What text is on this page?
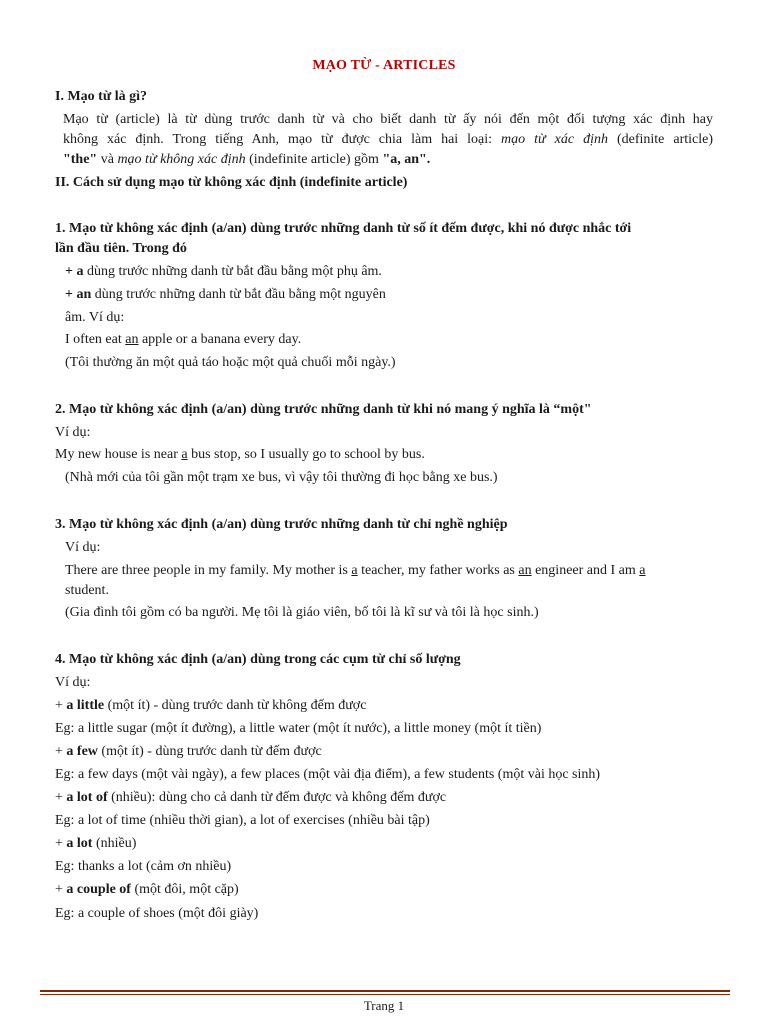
MẠO TỪ - ARTICLES
I. Mạo từ là gì?
Mạo từ (article) là từ dùng trước danh từ và cho biết danh từ ấy nói đến một đối tượng xác định hay
không xác định. Trong tiếng Anh, mạo từ được chia làm hai loại: mạo từ xác định (definite article)
"the" và mạo từ không xác định (indefinite article) gồm "a, an".
II. Cách sử dụng mạo từ không xác định (indefinite article)
1. Mạo từ không xác định (a/an) dùng trước những danh từ số ít đếm được, khi nó được nhắc tới
lần đầu tiên. Trong đó
+ a dùng trước những danh từ bắt đầu bằng một phụ âm.
+ an dùng trước những danh từ bắt đầu bằng một nguyên
âm. Ví dụ:
I often eat an apple or a banana every day.
(Tôi thường ăn một quả táo hoặc một quả chuối mỗi ngày.)
2. Mạo từ không xác định (a/an) dùng trước những danh từ khi nó mang ý nghĩa là “một"
Ví dụ:
My new house is near a bus stop, so I usually go to school by bus.
(Nhà mới của tôi gần một trạm xe bus, vì vậy tôi thường đi học bằng xe bus.)
3. Mạo từ không xác định (a/an) dùng trước những danh từ chỉ nghề nghiệp
Ví dụ:
There are three people in my family. My mother is a teacher, my father works as an engineer and I am a
student.
(Gia đình tôi gồm có ba người. Mẹ tôi là giáo viên, bố tôi là kĩ sư và tôi là học sinh.)
4. Mạo từ không xác định (a/an) dùng trong các cụm từ chỉ số lượng
Ví dụ:
+ a little (một ít) - dùng trước danh từ không đếm được
Eg: a little sugar (một ít đường), a little water (một ít nước), a little money (một ít tiền)
+ a few (một ít) - dùng trước danh từ đếm được
Eg: a few days (một vài ngày), a few places (một vài địa điểm), a few students (một vài học sinh)
+ a lot of (nhiều): dùng cho cả danh từ đếm được và không đếm được
Eg: a lot of time (nhiều thời gian), a lot of exercises (nhiều bài tập)
+ a lot (nhiều)
Eg: thanks a lot (cảm ơn nhiều)
+ a couple of (một đôi, một cặp)
Eg: a couple of shoes (một đôi giày)
Trang 1
